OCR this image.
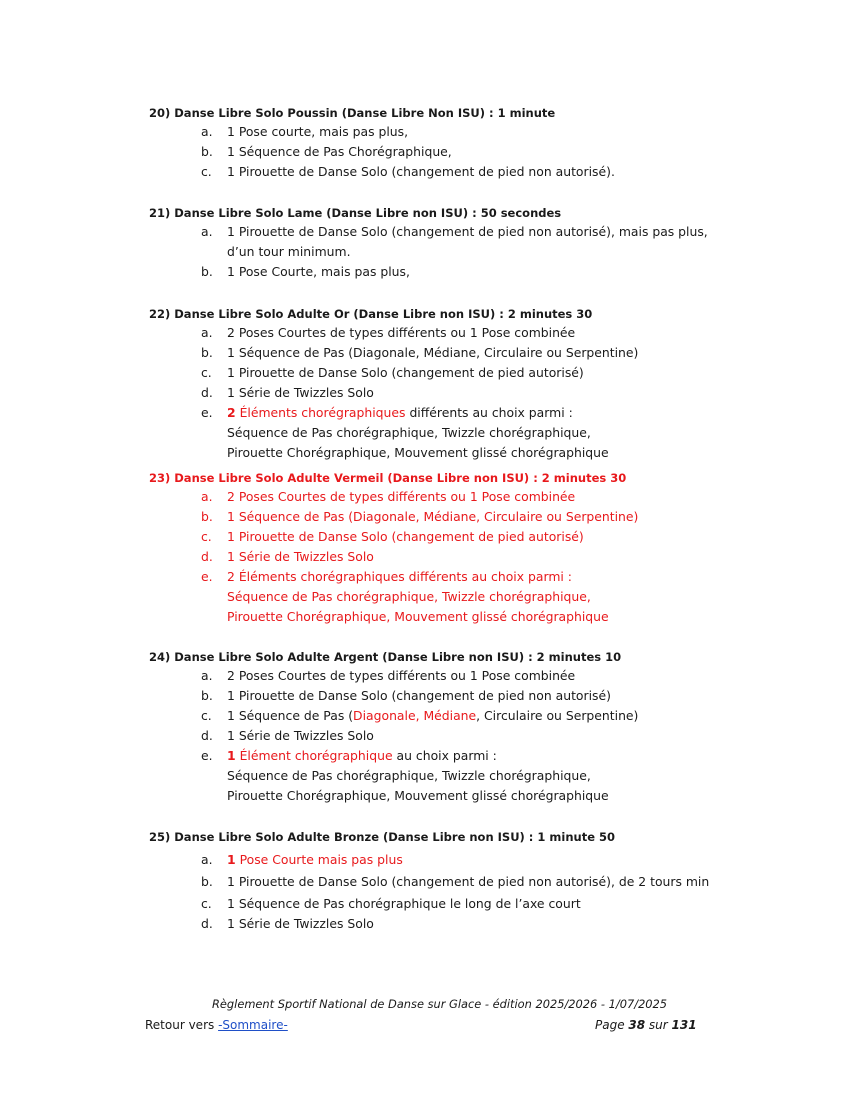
20) Danse Libre Solo Poussin (Danse Libre Non ISU) : 1 minute
a. 1 Pose courte, mais pas plus,
b. 1 Séquence de Pas Chorégraphique,
c. 1 Pirouette de Danse Solo (changement de pied non autorisé).
21) Danse Libre Solo Lame (Danse Libre non ISU) : 50 secondes
a. 1 Pirouette de Danse Solo (changement de pied non autorisé), mais pas plus,
d’un tour minimum.
b. 1 Pose Courte, mais pas plus,
22) Danse Libre Solo Adulte Or (Danse Libre non ISU) : 2 minutes 30
a. 2 Poses Courtes de types différents ou 1 Pose combinée
b. 1 Séquence de Pas (Diagonale, Médiane, Circulaire ou Serpentine)
c. 1 Pirouette de Danse Solo (changement de pied autorisé)
d. 1 Série de Twizzles Solo
e. 2 Éléments chorégraphiques différents au choix parmi :
Séquence de Pas chorégraphique, Twizzle chorégraphique,
Pirouette Chorégraphique, Mouvement glissé chorégraphique
23) Danse Libre Solo Adulte Vermeil (Danse Libre non ISU) : 2 minutes 30
a. 2 Poses Courtes de types différents ou 1 Pose combinée
b. 1 Séquence de Pas (Diagonale, Médiane, Circulaire ou Serpentine)
c. 1 Pirouette de Danse Solo (changement de pied autorisé)
d. 1 Série de Twizzles Solo
e. 2 Éléments chorégraphiques différents au choix parmi :
Séquence de Pas chorégraphique, Twizzle chorégraphique,
Pirouette Chorégraphique, Mouvement glissé chorégraphique
24) Danse Libre Solo Adulte Argent (Danse Libre non ISU) : 2 minutes 10
a. 2 Poses Courtes de types différents ou 1 Pose combinée
b. 1 Pirouette de Danse Solo (changement de pied non autorisé)
c. 1 Séquence de Pas (Diagonale, Médiane, Circulaire ou Serpentine)
d. 1 Série de Twizzles Solo
e. 1 Élément chorégraphique au choix parmi :
Séquence de Pas chorégraphique, Twizzle chorégraphique,
Pirouette Chorégraphique, Mouvement glissé chorégraphique
25) Danse Libre Solo Adulte Bronze (Danse Libre non ISU) : 1 minute 50
a. 1 Pose Courte mais pas plus
b. 1 Pirouette de Danse Solo (changement de pied non autorisé), de 2 tours min
c. 1 Séquence de Pas chorégraphique le long de l’axe court
d. 1 Série de Twizzles Solo
Règlement Sportif National de Danse sur Glace - édition 2025/2026 - 1/07/2025
Retour vers -Sommaire-	Page 38 sur 131
